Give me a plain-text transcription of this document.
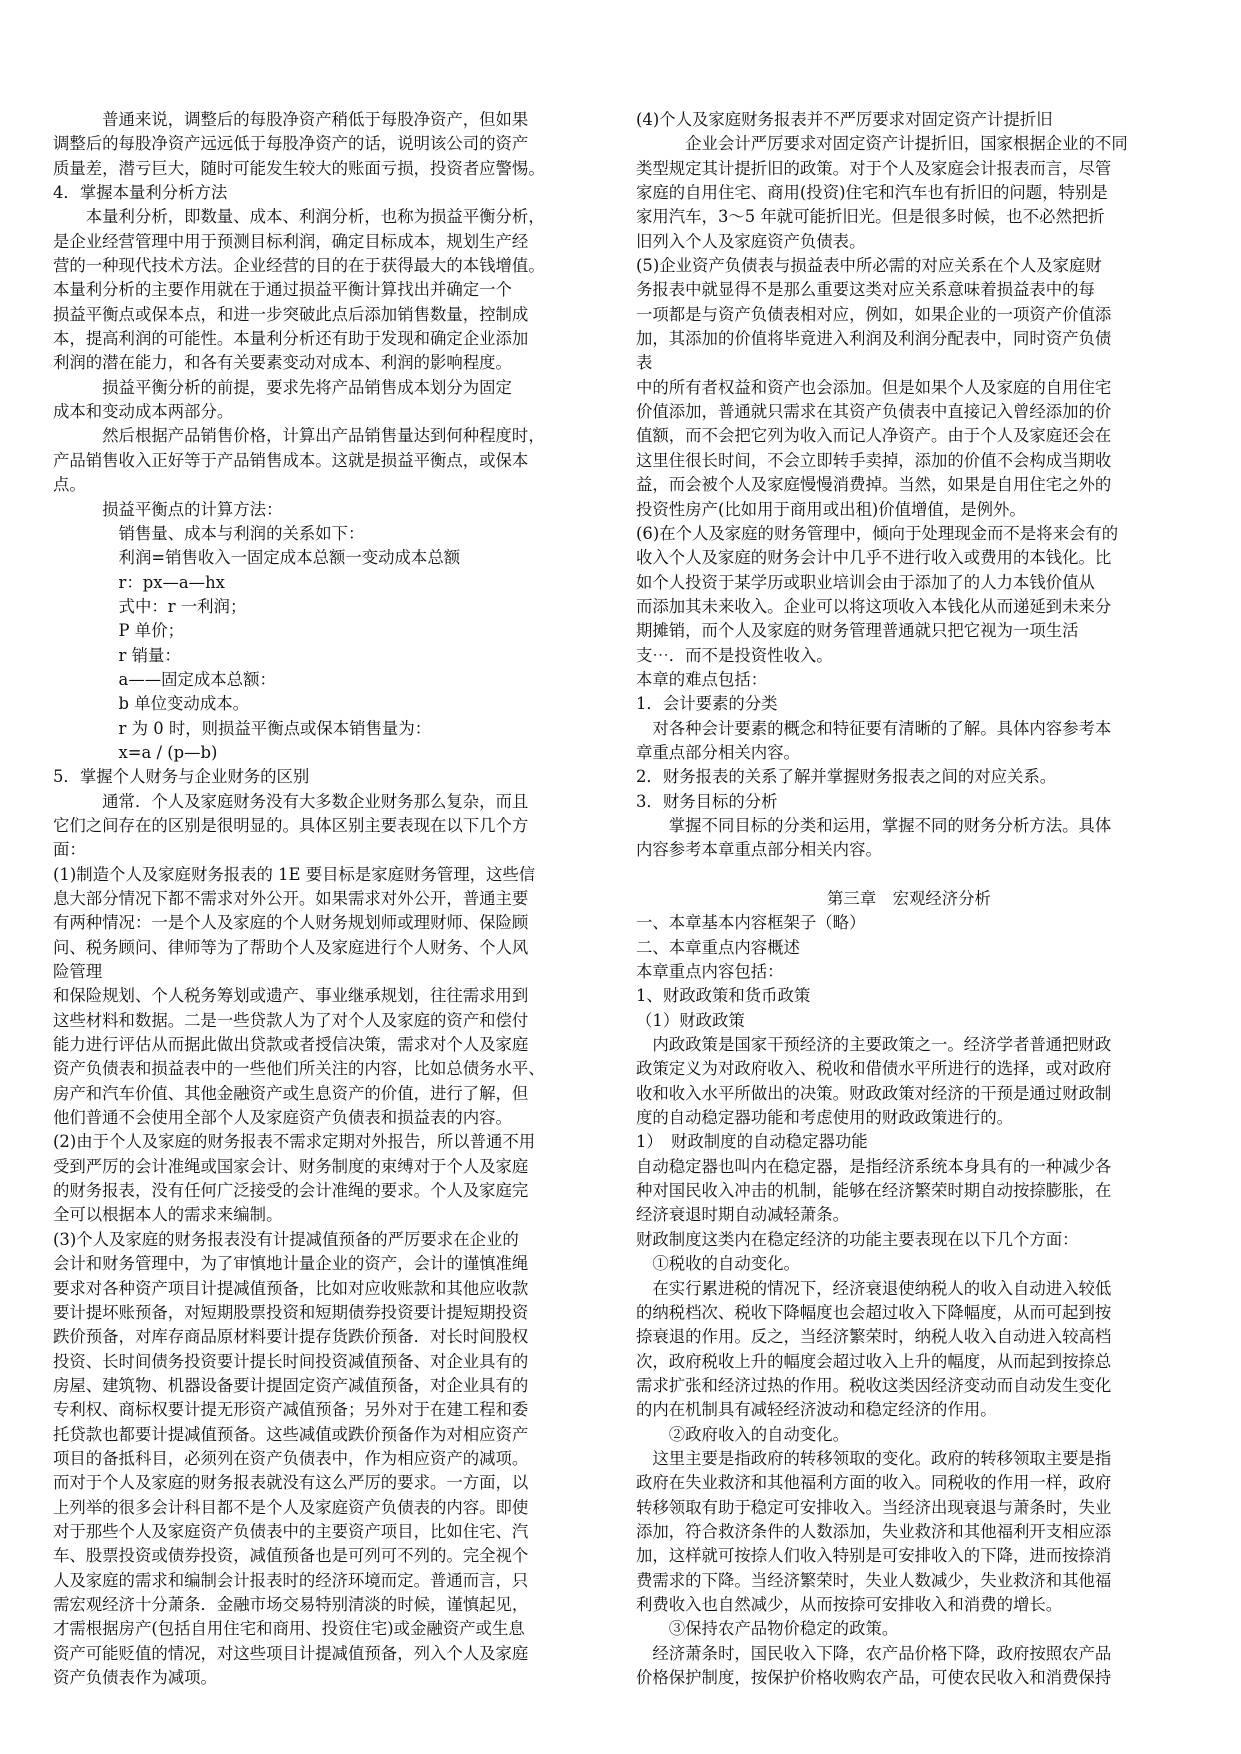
　　　普通来说，调整后的每股净资产稍低于每股净资产，但如果
调整后的每股净资产远远低于每股净资产的话，说明该公司的资产
质量差，潜亏巨大，随时可能发生较大的账面亏损，投资者应警惕。
4．掌握本量利分析方法
　　本量利分析，即数量、成本、利润分析，也称为损益平衡分析，
是企业经营管理中用于预测目标利润，确定目标成本，规划生产经
营的一种现代技术方法。企业经营的目的在于获得最大的本钱增值。
本量利分析的主要作用就在于通过损益平衡计算找出并确定一个
损益平衡点或保本点，和进一步突破此点后添加销售数量，控制成
本，提高利润的可能性。本量利分析还有助于发现和确定企业添加
利润的潜在能力，和各有关要素变动对成本、利润的影响程度。
　　　损益平衡分析的前提，要求先将产品销售成本划分为固定
成本和变动成本两部分。
　　　然后根据产品销售价格，计算出产品销售量达到何种程度时，
产品销售收入正好等于产品销售成本。这就是损益平衡点，或保本
点。
　　　损益平衡点的计算方法：
　　　　销售量、成本与利润的关系如下：
　　　　利润=销售收入一固定成本总额一变动成本总额
　　　　r：px—a—hx
　　　　式中：r 一利润；
　　　　P 单价；
　　　　r 销量：
　　　　a——固定成本总额：
　　　　b 单位变动成本。
　　　　r 为 0 时，则损益平衡点或保本销售量为：
　　　　x=a / (p—b)
5．掌握个人财务与企业财务的区别
　　　通常．个人及家庭财务没有大多数企业财务那么复杂，而且
它们之间存在的区别是很明显的。具体区别主要表现在以下几个方
面：
(1)制造个人及家庭财务报表的 1E 要目标是家庭财务管理，这些信
息大部分情况下都不需求对外公开。如果需求对外公开，普通主要
有两种情况：一是个人及家庭的个人财务规划师或理财师、保险顾
问、税务顾问、律师等为了帮助个人及家庭进行个人财务、个人风
险管理
和保险规划、个人税务筹划或遗产、事业继承规划，往往需求用到
这些材料和数据。二是一些贷款人为了对个人及家庭的资产和偿付
能力进行评估从而据此做出贷款或者授信决策，需求对个人及家庭
资产负债表和损益表中的一些他们所关注的内容，比如总债务水平、
房产和汽车价值、其他金融资产或生息资产的价值，进行了解，但
他们普通不会使用全部个人及家庭资产负债表和损益表的内容。
(2)由于个人及家庭的财务报表不需求定期对外报告，所以普通不用
受到严厉的会计准绳或国家会计、财务制度的束缚对于个人及家庭
的财务报表，没有任何广泛接受的会计准绳的要求。个人及家庭完
全可以根据本人的需求来编制。
(3)个人及家庭的财务报表没有计提减值预备的严厉要求在企业的
会计和财务管理中，为了审慎地计量企业的资产，会计的谨慎准绳
要求对各种资产项目计提减值预备，比如对应收账款和其他应收款
要计提坏账预备，对短期股票投资和短期债券投资要计提短期投资
跌价预备，对库存商品原材料要计提存货跌价预备．对长时间股权
投资、长时间债务投资要计提长时间投资减值预备、对企业具有的
房屋、建筑物、机器设备要计提固定资产减值预备，对企业具有的
专利权、商标权要计提无形资产减值预备；另外对于在建工程和委
托贷款也都要计提减值预备。这些减值或跌价预备作为对相应资产
项目的备抵科目，必须列在资产负债表中，作为相应资产的减项。
而对于个人及家庭的财务报表就没有这么严厉的要求。一方面，以
上列举的很多会计科目都不是个人及家庭资产负债表的内容。即使
对于那些个人及家庭资产负债表中的主要资产项目，比如住宅、汽
车、股票投资或债券投资，减值预备也是可列可不列的。完全视个
人及家庭的需求和编制会计报表时的经济环境而定。普通而言，只
需宏观经济十分萧条．金融市场交易特别清淡的时候，谨慎起见，
才需根据房产(包括自用住宅和商用、投资住宅)或金融资产或生息
资产可能贬值的情况，对这些项目计提减值预备，列入个人及家庭
资产负债表作为减项。
(4)个人及家庭财务报表并不严厉要求对固定资产计提折旧
　　　企业会计严厉要求对固定资产计提折旧，国家根据企业的不同
类型规定其计提折旧的政策。对于个人及家庭会计报表而言，尽管
家庭的自用住宅、商用(投资)住宅和汽车也有折旧的问题，特别是
家用汽车，3～5 年就可能折旧光。但是很多时候，也不必然把折
旧列入个人及家庭资产负债表。
(5)企业资产负债表与损益表中所必需的对应关系在个人及家庭财
务报表中就显得不是那么重要这类对应关系意味着损益表中的每
一项都是与资产负债表相对应，例如，如果企业的一项资产价值添
加，其添加的价值将毕竟进入利润及利润分配表中，同时资产负债
表
中的所有者权益和资产也会添加。但是如果个人及家庭的自用住宅
价值添加，普通就只需求在其资产负债表中直接记入曾经添加的价
值额，而不会把它列为收入而记人净资产。由于个人及家庭还会在
这里住很长时间，不会立即转手卖掉，添加的价值不会构成当期收
益，而会被个人及家庭慢慢消费掉。当然，如果是自用住宅之外的
投资性房产(比如用于商用或出租)价值增值，是例外。
(6)在个人及家庭的财务管理中，倾向于处理现金而不是将来会有的
收入个人及家庭的财务会计中几乎不进行收入或费用的本钱化。比
如个人投资于某学历或职业培训会由于添加了的人力本钱价值从
而添加其未来收入。企业可以将这项收入本钱化从而递延到未来分
期摊销，而个人及家庭的财务管理普通就只把它视为一项生活
支⋯．而不是投资性收入。
本章的难点包括：
1．会计要素的分类
　对各种会计要素的概念和特征要有清晰的了解。具体内容参考本
章重点部分相关内容。
2．财务报表的关系了解并掌握财务报表之间的对应关系。
3．财务目标的分析
　　掌握不同目标的分类和运用，掌握不同的财务分析方法。具体
内容参考本章重点部分相关内容。
第三章　宏观经济分析
一、本章基本内容框架子（略）
二、本章重点内容概述
本章重点内容包括：
1、财政政策和货币政策
（1）财政政策
　内政政策是国家干预经济的主要政策之一。经济学者普通把财政
政策定义为对政府收入、税收和借债水平所进行的选择，或对政府
收和收入水平所做出的决策。财政政策对经济的干预是通过财政制
度的自动稳定器功能和考虑使用的财政政策进行的。
1）　财政制度的自动稳定器功能
自动稳定器也叫内在稳定器，是指经济系统本身具有的一种减少各
种对国民收入冲击的机制，能够在经济繁荣时期自动按捺膨胀，在
经济衰退时期自动减轻萧条。
财政制度这类内在稳定经济的功能主要表现在以下几个方面：
　①税收的自动变化。
　在实行累进税的情况下，经济衰退使纳税人的收入自动进入较低
的纳税档次、税收下降幅度也会超过收入下降幅度，从而可起到按
捺衰退的作用。反之，当经济繁荣时，纳税人收入自动进入较高档
次，政府税收上升的幅度会超过收入上升的幅度，从而起到按捺总
需求扩张和经济过热的作用。税收这类因经济变动而自动发生变化
的内在机制具有减轻经济波动和稳定经济的作用。
　　②政府收入的自动变化。
　这里主要是指政府的转移领取的变化。政府的转移领取主要是指
政府在失业救济和其他福利方面的收入。同税收的作用一样，政府
转移领取有助于稳定可安排收入。当经济出现衰退与萧条时，失业
添加，符合救济条件的人数添加，失业救济和其他福利开支相应添
加，这样就可按捺人们收入特别是可安排收入的下降，进而按捺消
费需求的下降。当经济繁荣时，失业人数减少，失业救济和其他福
利费收入也自然减少，从而按捺可安排收入和消费的增长。
　　③保持农产品物价稳定的政策。
　经济萧条时，国民收入下降，农产品价格下降，政府按照农产品
价格保护制度，按保护价格收购农产品，可使农民收入和消费保持
